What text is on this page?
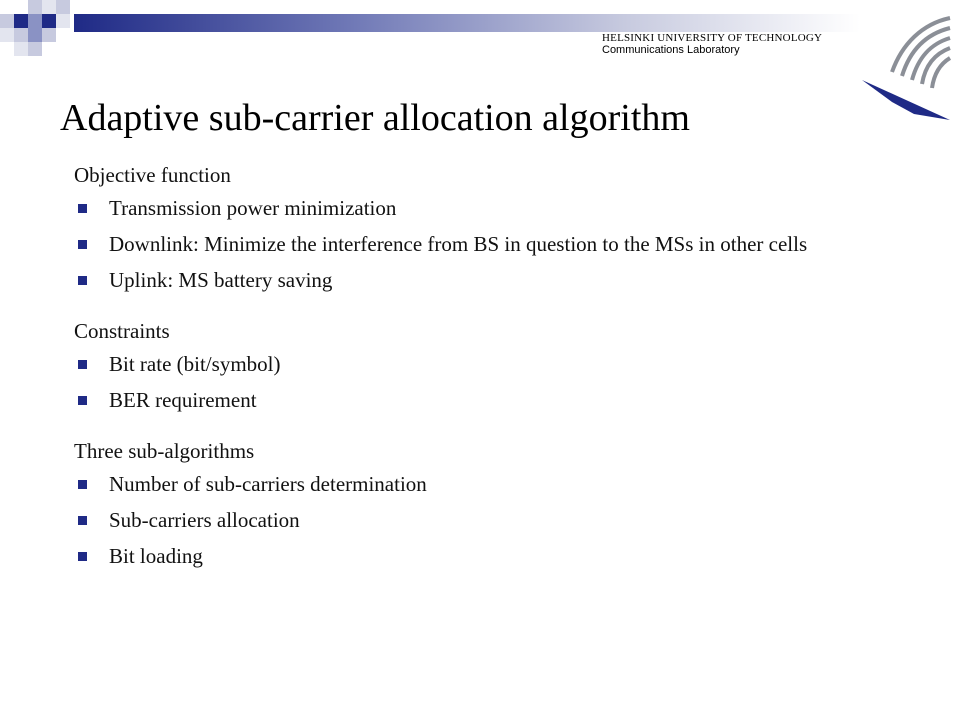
HELSINKI UNIVERSITY OF TECHNOLOGY
Communications Laboratory
Adaptive sub-carrier allocation algorithm
Objective function
Transmission power minimization
Downlink: Minimize the interference from BS in question to the MSs in other cells
Uplink: MS battery saving
Constraints
Bit rate (bit/symbol)
BER requirement
Three sub-algorithms
Number of sub-carriers determination
Sub-carriers allocation
Bit loading
